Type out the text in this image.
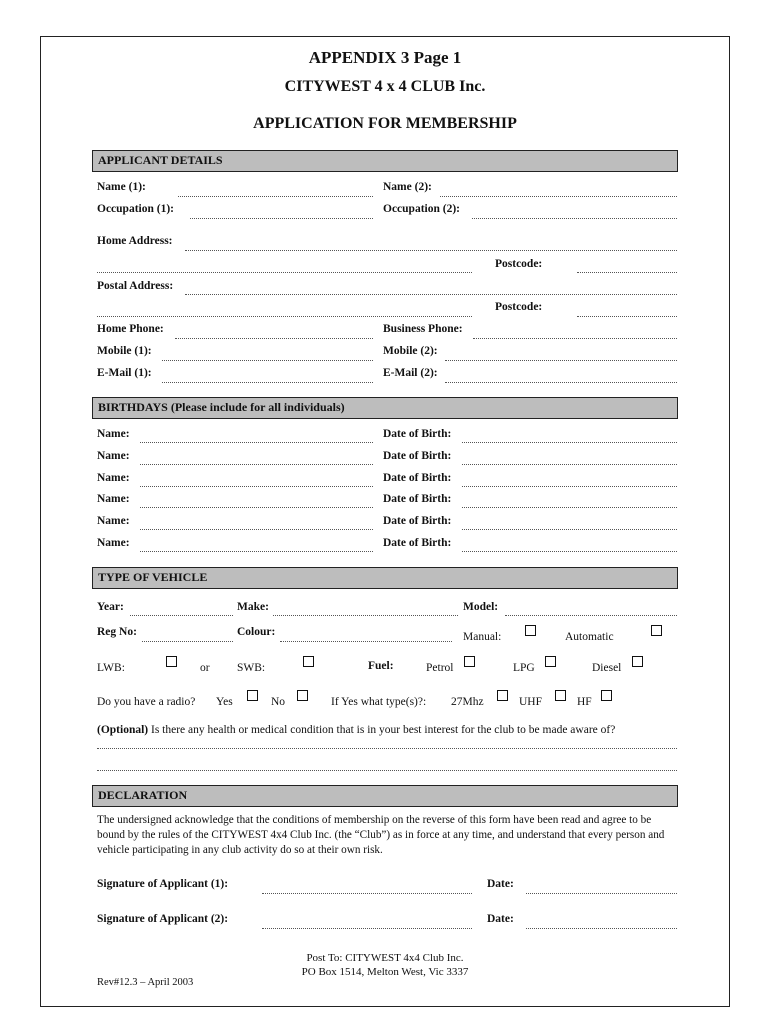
APPENDIX 3 Page 1
CITYWEST 4 x 4 CLUB Inc.
APPLICATION FOR MEMBERSHIP
APPLICANT DETAILS
Name (1):	Name (2):
Occupation (1):	Occupation (2):
Home Address:
Postcode:
Postal Address:
Postcode:
Home Phone:	Business Phone:
Mobile (1):	Mobile (2):
E-Mail (1):	E-Mail (2):
BIRTHDAYS (Please include for all individuals)
Name:	Date of Birth:
Name:	Date of Birth:
Name:	Date of Birth:
Name:	Date of Birth:
Name:	Date of Birth:
Name:	Date of Birth:
TYPE OF VEHICLE
Year:	Make:	Model:
Reg No:	Colour:	Manual:	Automatic
LWB:	or SWB:	Fuel:	Petrol	LPG	Diesel
Do you have a radio? Yes	No	If Yes what type(s)?: 27Mhz	UHF	HF
(Optional) Is there any health or medical condition that is in your best interest for the club to be made aware of?
DECLARATION
The undersigned acknowledge that the conditions of membership on the reverse of this form have been read and agree to be bound by the rules of the CITYWEST 4x4 Club Inc. (the “Club”) as in force at any time, and understand that every person and vehicle participating in any club activity do so at their own risk.
Signature of Applicant (1):	Date:
Signature of Applicant (2):	Date:
Post To: CITYWEST 4x4 Club Inc.
PO Box 1514, Melton West, Vic 3337
Rev#12.3 – April 2003
